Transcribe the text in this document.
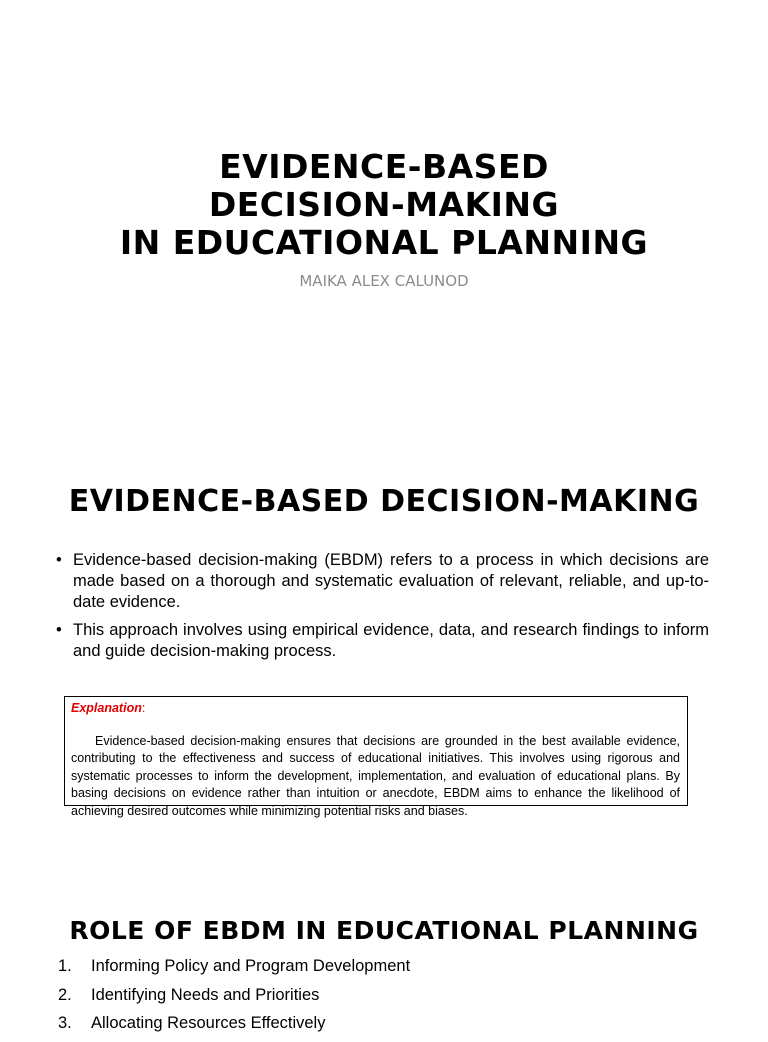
EVIDENCE-BASED
DECISION-MAKING
IN EDUCATIONAL PLANNING

MAIKA ALEX CALUNOD

EVIDENCE-BASED DECISION-MAKING
• Evidence-based decision-making (EBDM) refers to a process in which decisions are made based on a thorough and systematic evaluation of relevant, reliable, and up-to-date evidence.
• This approach involves using empirical evidence, data, and research findings to inform and guide decision-making process.

Explanation:

Evidence-based decision-making ensures that decisions are grounded in the best available evidence, contributing to the effectiveness and success of educational initiatives. This involves using rigorous and systematic processes to inform the development, implementation, and evaluation of educational plans. By basing decisions on evidence rather than intuition or anecdote, EBDM aims to enhance the likelihood of achieving desired outcomes while minimizing potential risks and biases.

ROLE OF EBDM IN EDUCATIONAL PLANNING
1. Informing Policy and Program Development
2. Identifying Needs and Priorities
3. Allocating Resources Effectively
